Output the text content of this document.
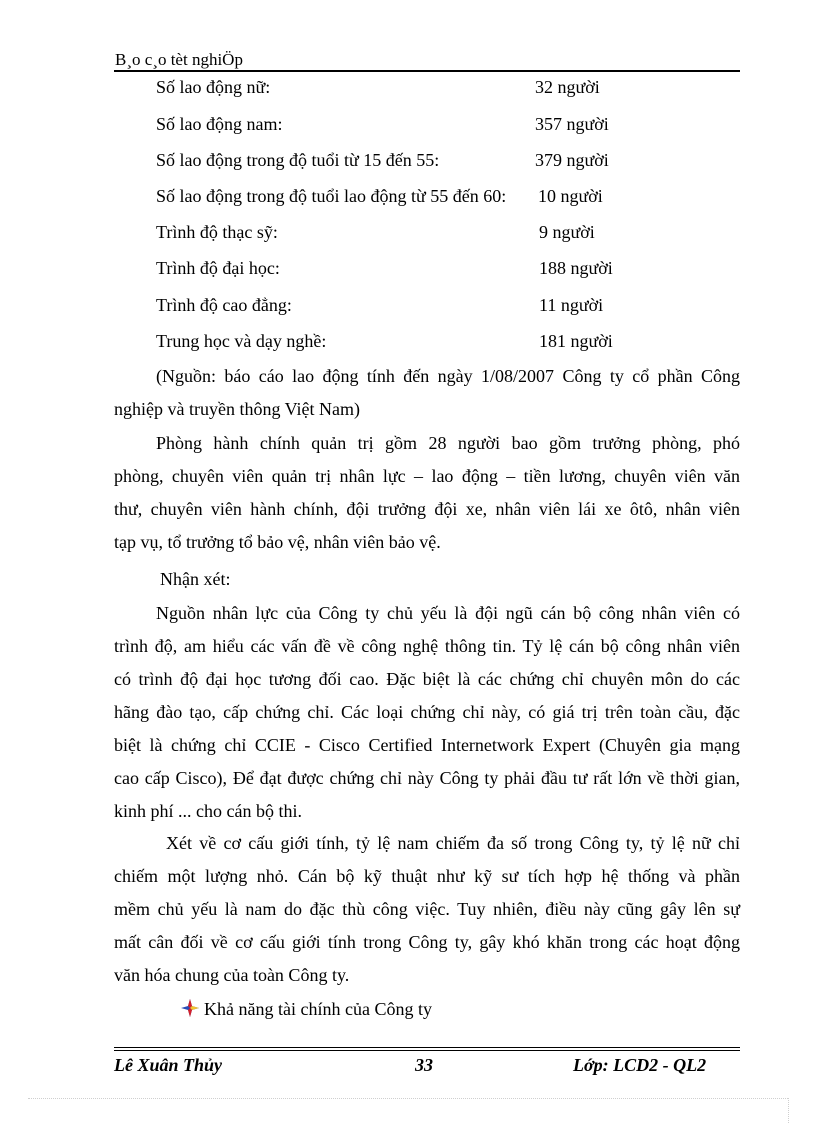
B¸o c¸o tèt nghiÖp
Số lao động nữ:	32 người
Số lao động nam:	357 người
Số lao động trong độ tuổi từ 15 đến 55:	379 người
Số lao động trong độ tuổi lao động từ 55 đến 60: 10 người
Trình độ thạc sỹ:	9 người
Trình độ đại học:	188 người
Trình độ cao đẳng:	11 người
Trung học và dạy nghề:	181 người
(Nguồn: báo cáo lao động tính đến ngày 1/08/2007 Công ty cổ phần Công
nghiệp và truyền thông Việt Nam)
Phòng hành chính quản trị gồm 28 người bao gồm trưởng phòng, phó
phòng, chuyên viên quản trị nhân lực – lao động – tiền lương, chuyên viên văn
thư, chuyên viên hành chính, đội trưởng đội xe, nhân viên lái xe ôtô, nhân viên
tạp vụ, tổ trưởng tổ bảo vệ, nhân viên bảo vệ.
Nhận xét:
Nguồn nhân lực của Công ty chủ yếu là đội ngũ cán bộ công nhân viên có
trình độ, am hiểu các vấn đề về công nghệ thông tin. Tỷ lệ cán bộ công nhân viên
có trình độ đại học tương đối cao. Đặc biệt là các chứng chỉ chuyên môn do các
hãng đào tạo, cấp chứng chỉ. Các loại chứng chỉ này, có giá trị trên toàn cầu, đặc
biệt là chứng chỉ CCIE - Cisco Certified Internetwork Expert (Chuyên gia mạng
cao cấp Cisco), Để đạt được chứng chỉ này Công ty phải đầu tư rất lớn về thời gian,
kinh phí ... cho cán bộ thi.
Xét về cơ cấu giới tính, tỷ lệ nam chiếm đa số trong Công ty, tỷ lệ nữ chỉ
chiếm một lượng nhỏ. Cán bộ kỹ thuật như kỹ sư tích hợp hệ thống và phần
mềm chủ yếu là nam do đặc thù công việc. Tuy nhiên, điều này cũng gây lên sự
mất cân đối về cơ cấu giới tính trong Công ty, gây khó khăn trong các hoạt động
văn hóa chung của toàn Công ty.
Khả năng tài chính của Công ty
Lê Xuân Thủy	33	Lớp: LCD2 - QL2
